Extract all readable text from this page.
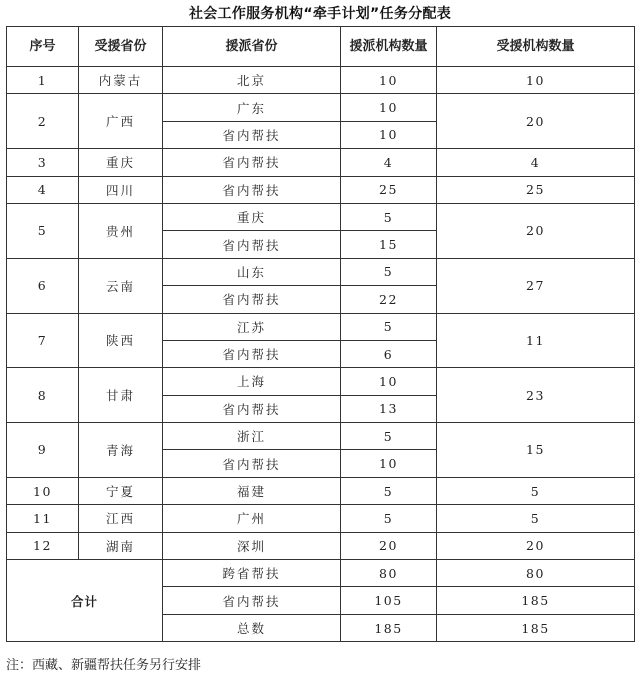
社会工作服务机构“牵手计划”任务分配表
序号	受援省份	援派省份	援派机构数量	受援机构数量
1	内蒙古	北京	10	10
2	广西	广东	10	20
		省内帮扶	10	
3	重庆	省内帮扶	4	4
4	四川	省内帮扶	25	25
5	贵州	重庆	5	20
		省内帮扶	15	
6	云南	山东	5	27
		省内帮扶	22	
7	陕西	江苏	5	11
		省内帮扶	6	
8	甘肃	上海	10	23
		省内帮扶	13	
9	青海	浙江	5	15
		省内帮扶	10	
10	宁夏	福建	5	5
11	江西	广州	5	5
12	湖南	深圳	20	20
合计		跨省帮扶	80	80
		省内帮扶	105	185
		总数	185	185
注：西藏、新疆帮扶任务另行安排
